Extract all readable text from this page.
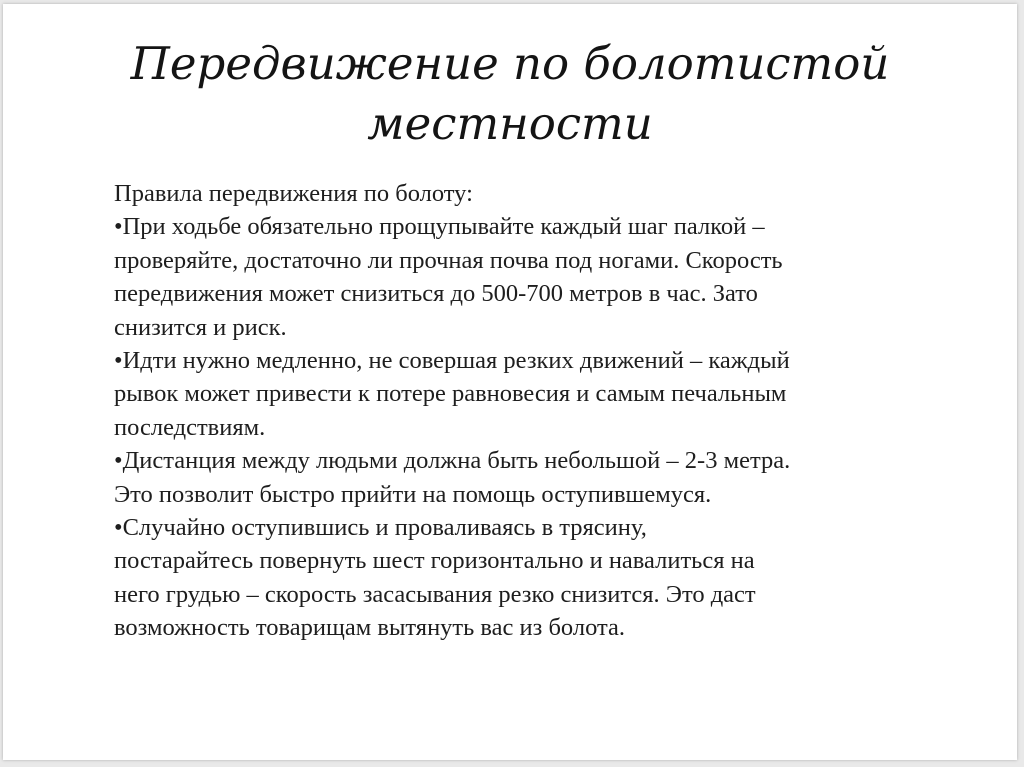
Передвижение по болотистой
местности
Правила передвижения по болоту:
•При ходьбе обязательно прощупывайте каждый шаг палкой –
проверяйте, достаточно ли прочная почва под ногами. Скорость
передвижения может снизиться до 500-700 метров в час. Зато
снизится и риск.
•Идти нужно медленно, не совершая резких движений – каждый
рывок может привести к потере равновесия и самым печальным
последствиям.
•Дистанция между людьми должна быть небольшой – 2-3 метра.
Это позволит быстро прийти на помощь оступившемуся.
•Случайно оступившись и проваливаясь в трясину,
постарайтесь повернуть шест горизонтально и навалиться на
него грудью – скорость засасывания резко снизится. Это даст
возможность товарищам вытянуть вас из болота.
